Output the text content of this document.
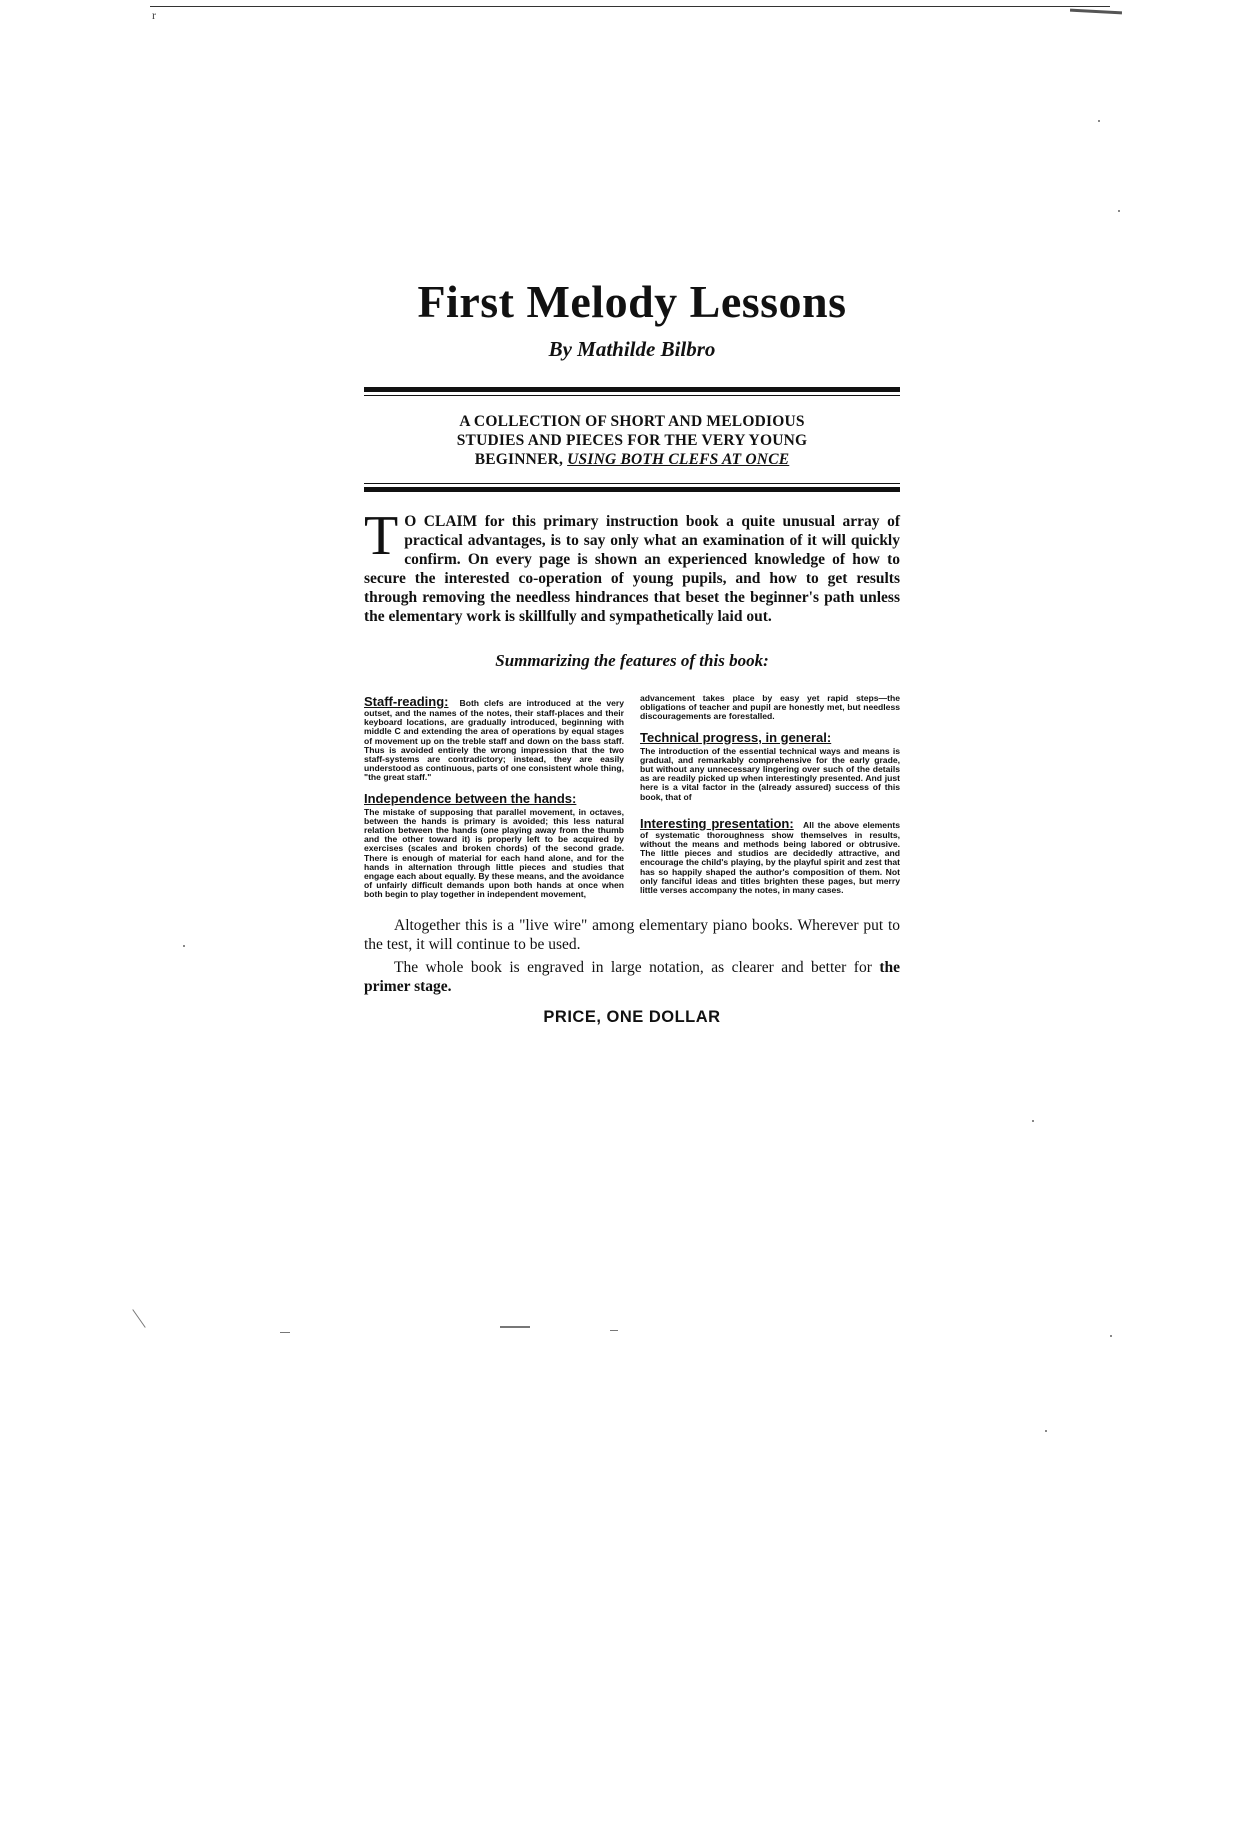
r
First Melody Lessons
By Mathilde Bilbro
A COLLECTION OF SHORT AND MELODIOUS
STUDIES AND PIECES FOR THE VERY YOUNG
BEGINNER, USING BOTH CLEFS AT ONCE
T O CLAIM for this primary instruction book a quite unusual array of practical advantages, is to say only what an examination of it will quickly confirm. On every page is shown an experienced knowledge of how to secure the interested co-operation of young pupils, and how to get results through removing the needless hindrances that beset the beginner's path unless the elementary work is skillfully and sympathetically laid out.
Summarizing the features of this book:
Staff-reading: Both clefs are introduced at the very outset, and the names of the notes, their staff-places and their keyboard locations, are gradually introduced, beginning with middle C and extending the area of operations by equal stages of movement up on the treble staff and down on the bass staff. Thus is avoided entirely the wrong impression that the two staff-systems are contradictory; instead, they are easily understood as continuous, parts of one consistent whole thing, "the great staff."
Independence between the hands:
The mistake of supposing that parallel movement, in octaves, between the hands is primary is avoided; this less natural relation between the hands (one playing away from the thumb and the other toward it) is properly left to be acquired by exercises (scales and broken chords) of the second grade. There is enough of material for each hand alone, and for the hands in alternation through little pieces and studies that engage each about equally. By these means, and the avoidance of unfairly difficult demands upon both hands at once when both begin to play together in independent movement,
advancement takes place by easy yet rapid steps—the obligations of teacher and pupil are honestly met, but needless discouragements are forestalled.
Technical progress, in general:
The introduction of the essential technical ways and means is gradual, and remarkably comprehensive for the early grade, but without any unnecessary lingering over such of the details as are readily picked up when interestingly presented. And just here is a vital factor in the (already assured) success of this book, that of
Interesting presentation: All the above elements of systematic thoroughness show themselves in results, without the means and methods being labored or obtrusive. The little pieces and studios are decidedly attractive, and encourage the child's playing, by the playful spirit and zest that has so happily shaped the author's composition of them. Not only fanciful ideas and titles brighten these pages, but merry little verses accompany the notes, in many cases.

Altogether this is a "live wire" among elementary piano books. Wherever put to the test, it will continue to be used.

The whole book is engraved in large notation, as clearer and better for the primer stage.

PRICE, ONE DOLLAR
